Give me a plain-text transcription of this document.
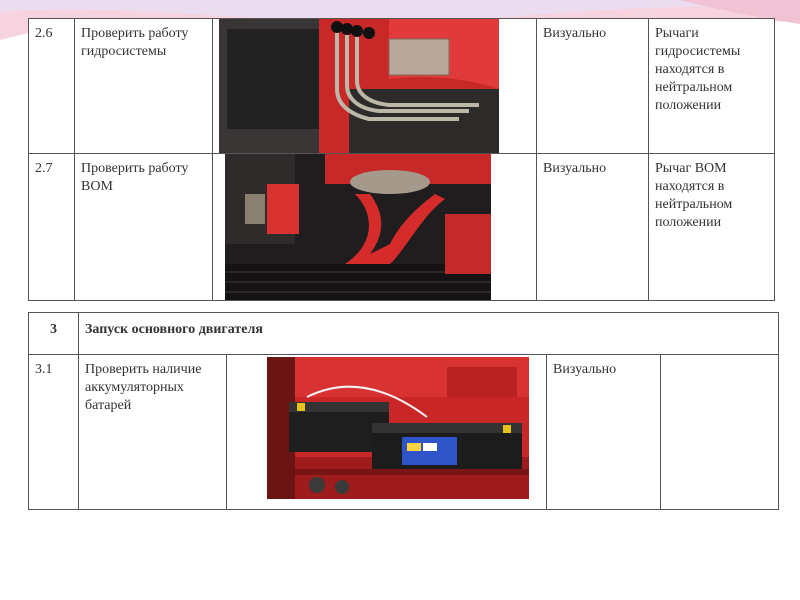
2.6	Проверить работу гидросистемы		Визуально	Рычаги гидросистемы находятся в нейтральном положении
2.7	Проверить работу ВОМ		Визуально	Рычаг ВОМ находятся в нейтральном положении
3	Запуск основного двигателя			
3.1	Проверить наличие аккумуляторных батарей		Визуально	
